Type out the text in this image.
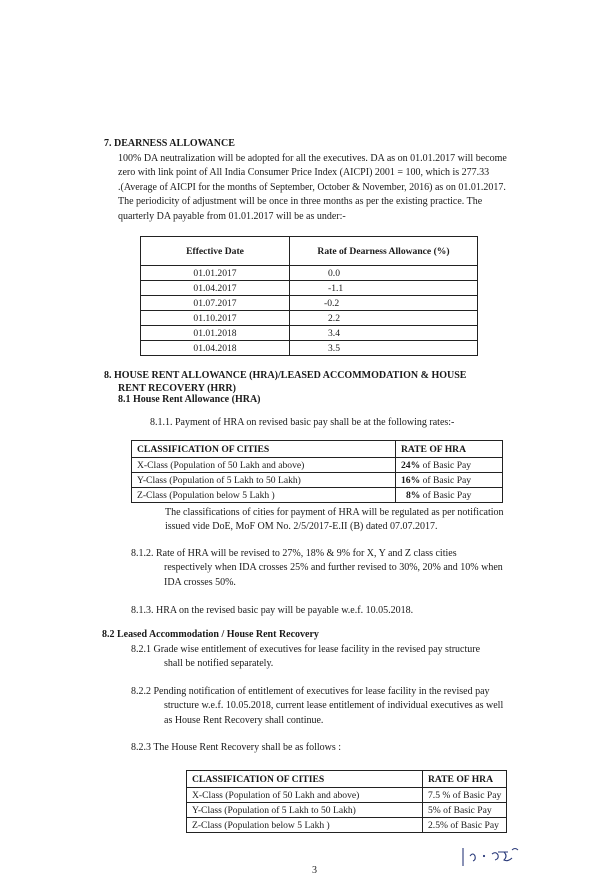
7. DEARNESS ALLOWANCE
100% DA neutralization will be adopted for all the executives. DA as on 01.01.2017 will become
zero with link point of All India Consumer Price Index (AICPI) 2001 = 100, which is 277.33
.(Average of AICPI for the months of September, October & November, 2016) as on 01.01.2017.
The periodicity of adjustment will be once in three months as per the existing practice. The
quarterly DA payable from 01.01.2017 will be as under:-
Effective Date	Rate of Dearness Allowance (%)
01.01.2017	0.0
01.04.2017	-1.1
01.07.2017	-0.2
01.10.2017	2.2
01.01.2018	3.4
01.04.2018	3.5
8. HOUSE RENT ALLOWANCE (HRA)/LEASED ACCOMMODATION & HOUSE
RENT RECOVERY (HRR)
8.1 House Rent Allowance (HRA)
8.1.1. Payment of HRA on revised basic pay shall be at the following rates:-
CLASSIFICATION OF CITIES	RATE OF HRA
X-Class (Population of 50 Lakh and above)	24% of Basic Pay
Y-Class (Population of 5 Lakh to 50 Lakh)	16% of Basic Pay
Z-Class (Population below 5 Lakh )	8% of Basic Pay
The classifications of cities for payment of HRA will be regulated as per notification
issued vide DoE, MoF OM No. 2/5/2017-E.II (B) dated 07.07.2017.
8.1.2. Rate of HRA will be revised to 27%, 18% & 9% for X, Y and Z class cities
respectively when IDA crosses 25% and further revised to 30%, 20% and 10% when
IDA crosses 50%.
8.1.3. HRA on the revised basic pay will be payable w.e.f. 10.05.2018.
8.2 Leased Accommodation / House Rent Recovery
8.2.1 Grade wise entitlement of executives for lease facility in the revised pay structure
shall be notified separately.
8.2.2 Pending notification of entitlement of executives for lease facility in the revised pay
structure w.e.f. 10.05.2018, current lease entitlement of individual executives as well
as House Rent Recovery shall continue.
8.2.3 The House Rent Recovery shall be as follows :
CLASSIFICATION OF CITIES	RATE OF HRA
X-Class (Population of 50 Lakh and above)	7.5 % of Basic Pay
Y-Class (Population of 5 Lakh to 50 Lakh)	5% of Basic Pay
Z-Class (Population below 5 Lakh )	2.5% of Basic Pay
3
